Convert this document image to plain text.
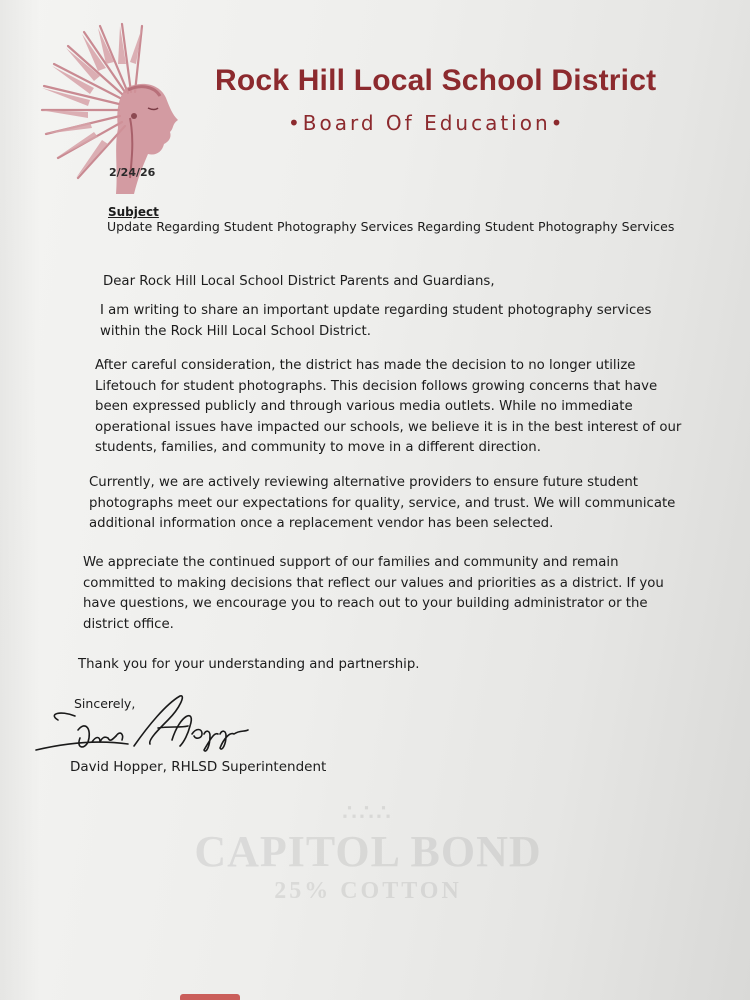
Rock Hill Local School District
•Board Of Education•
2/24/26
Subject
Update Regarding Student Photography Services Regarding Student Photography Services

Dear Rock Hill Local School District Parents and Guardians,

I am writing to share an important update regarding student photography services within the Rock Hill Local School District.

After careful consideration, the district has made the decision to no longer utilize Lifetouch for student photographs. This decision follows growing concerns that have been expressed publicly and through various media outlets. While no immediate operational issues have impacted our schools, we believe it is in the best interest of our students, families, and community to move in a different direction.

Currently, we are actively reviewing alternative providers to ensure future student photographs meet our expectations for quality, service, and trust. We will communicate additional information once a replacement vendor has been selected.

We appreciate the continued support of our families and community and remain committed to making decisions that reflect our values and priorities as a district. If you have questions, we encourage you to reach out to your building administrator or the district office.

Thank you for your understanding and partnership.

Sincerely,
David Hopper, RHLSD Superintendent
∴∴∴
CAPITOL BOND
25% COTTON
